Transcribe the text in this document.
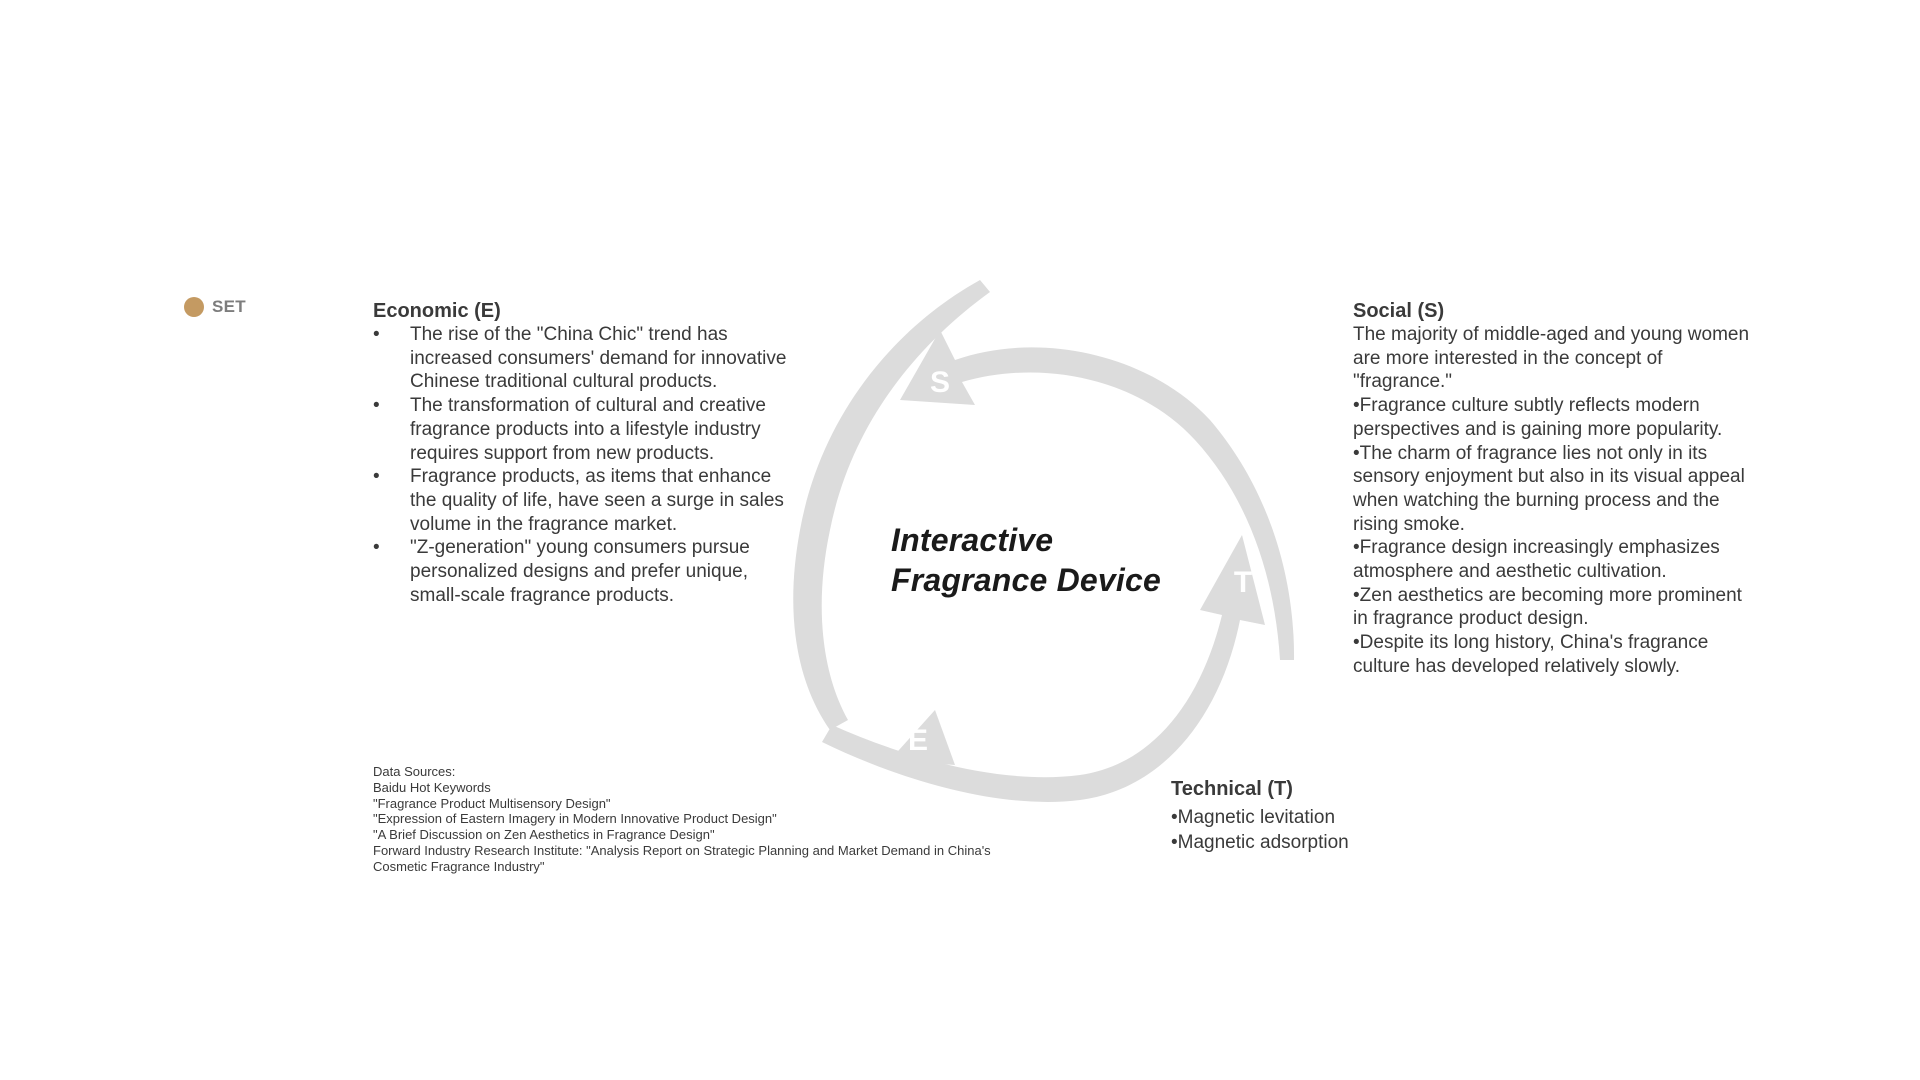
SET	Economic (E)
• The rise of the "China Chic" trend has increased consumers' demand for innovative Chinese traditional cultural products.
• The transformation of cultural and creative fragrance products into a lifestyle industry requires support from new products.
• Fragrance products, as items that enhance the quality of life, have seen a surge in sales volume in the fragrance market.
• "Z-generation" young consumers pursue personalized designs and prefer unique, small-scale fragrance products.
S
T
E
Interactive
Fragrance Device
Social (S)

The majority of middle-aged and young women are more interested in the concept of "fragrance."

•Fragrance culture subtly reflects modern perspectives and is gaining more popularity.

•The charm of fragrance lies not only in its sensory enjoyment but also in its visual appeal when watching the burning process and the rising smoke.

•Fragrance design increasingly emphasizes atmosphere and aesthetic cultivation.

•Zen aesthetics are becoming more prominent in fragrance product design.

•Despite its long history, China's fragrance culture has developed relatively slowly.

Technical (T)

•Magnetic levitation

•Magnetic adsorption

Data Sources:
Baidu Hot Keywords
"Fragrance Product Multisensory Design"
"Expression of Eastern Imagery in Modern Innovative Product Design"
"A Brief Discussion on Zen Aesthetics in Fragrance Design"
Forward Industry Research Institute: "Analysis Report on Strategic Planning and Market Demand in China's Cosmetic Fragrance Industry"
